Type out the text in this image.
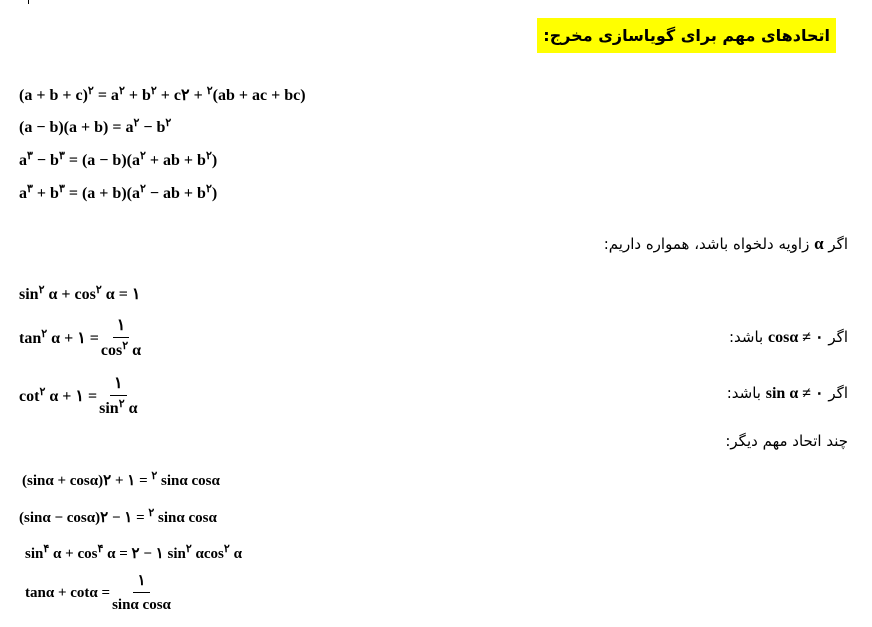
اتحادهای مهم برای گویاسازی مخرج:
$(a + b + c)^٢ = a^٢ + b^٢ + c$ $^٢$ + ٢(ab + ac + bc)
$(a - b)(a + b) = a^٢ - b^٢$
$a^٣ - b^٣ = (a - b)(a^٢$ + ab + $b^٢$)
$a^٣ + b^٣ = (a + b)(a^٢$ − ab + $b^٢$)
اگر α زاویه دلخواه باشد، همواره داریم:
$\sin^٢ \alpha + \cos^٢ \alpha$ = ١
$\tan^٢ \alpha$ + ١ = $\frac{١}{\cos^٢ \alpha}$	اگر cosα ≠ ٠ باشد:
$\cot^٢ \alpha$ + ١ = $\frac{١}{\sin^٢ \alpha}$	اگر sin α ≠ ٠ باشد:
چند اتحاد مهم دیگر:
(sinα + cosα)	$^٢$ = ١ + ٢ sinα cosα
(sinα − cosα)	$^٢$ = ١ − ٢ sinα cosα
$\sin^۴ \alpha + \cos^۴ \alpha$ = ١ − ٢ $\sin^٢ \alpha\cos^٢$ α
$\tan\alpha + \cot\alpha = \frac{١}{\text{sinα cosα}}$
